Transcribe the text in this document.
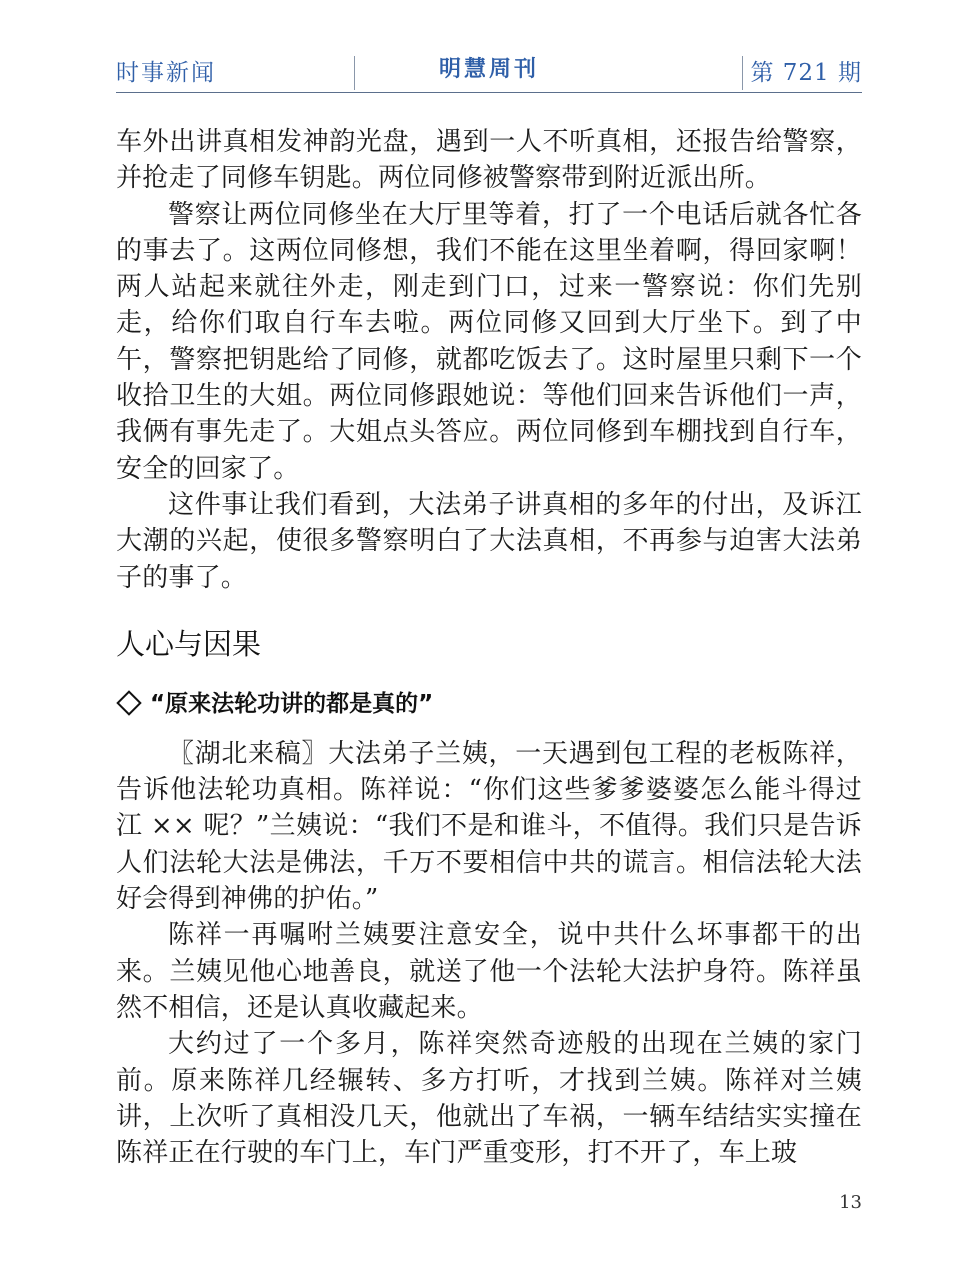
时事新闻	明慧周刊	第 721 期

车外出讲真相发神韵光盘，遇到一人不听真相，还报告给警察，并抢走了同修车钥匙。两位同修被警察带到附近派出所。

警察让两位同修坐在大厅里等着，打了一个电话后就各忙各的事去了。这两位同修想，我们不能在这里坐着啊，得回家啊！两人站起来就往外走，刚走到门口，过来一警察说：你们先别走，给你们取自行车去啦。两位同修又回到大厅坐下。到了中午，警察把钥匙给了同修，就都吃饭去了。这时屋里只剩下一个收拾卫生的大姐。两位同修跟她说：等他们回来告诉他们一声，我俩有事先走了。大姐点头答应。两位同修到车棚找到自行车，安全的回家了。

这件事让我们看到，大法弟子讲真相的多年的付出，及诉江大潮的兴起，使很多警察明白了大法真相，不再参与迫害大法弟子的事了。

人心与因果
“原来法轮功讲的都是真的”

〖湖北来稿〗大法弟子兰姨，一天遇到包工程的老板陈祥，告诉他法轮功真相。陈祥说：“你们这些爹爹婆婆怎么能斗得过江 ×× 呢？”兰姨说：“我们不是和谁斗，不值得。我们只是告诉人们法轮大法是佛法，千万不要相信中共的谎言。相信法轮大法好会得到神佛的护佑。”

陈祥一再嘱咐兰姨要注意安全，说中共什么坏事都干的出来。兰姨见他心地善良，就送了他一个法轮大法护身符。陈祥虽然不相信，还是认真收藏起来。

大约过了一个多月，陈祥突然奇迹般的出现在兰姨的家门前。原来陈祥几经辗转、多方打听，才找到兰姨。陈祥对兰姨讲，上次听了真相没几天，他就出了车祸，一辆车结结实实撞在陈祥正在行驶的车门上，车门严重变形，打不开了，车上玻

13
